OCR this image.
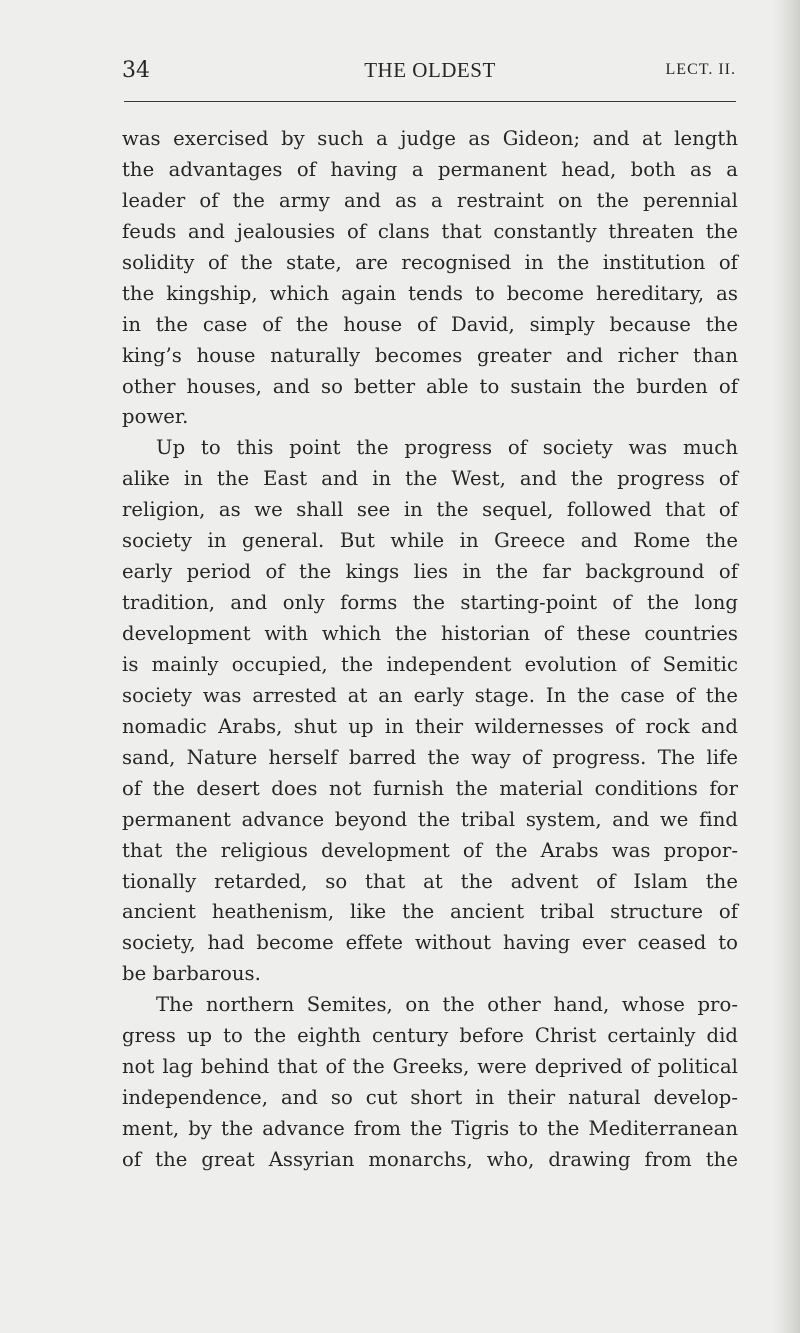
34	THE OLDEST	LECT. II.
was exercised by such a judge as Gideon; and at length
the advantages of having a permanent head, both as a
leader of the army and as a restraint on the perennial
feuds and jealousies of clans that constantly threaten the
solidity of the state, are recognised in the institution of
the kingship, which again tends to become hereditary, as
in the case of the house of David, simply because the
king’s house naturally becomes greater and richer than
other houses, and so better able to sustain the burden of
power.
Up to this point the progress of society was much
alike in the East and in the West, and the progress of
religion, as we shall see in the sequel, followed that of
society in general. But while in Greece and Rome the
early period of the kings lies in the far background of
tradition, and only forms the starting-point of the long
development with which the historian of these countries
is mainly occupied, the independent evolution of Semitic
society was arrested at an early stage. In the case of the
nomadic Arabs, shut up in their wildernesses of rock and
sand, Nature herself barred the way of progress. The life
of the desert does not furnish the material conditions for
permanent advance beyond the tribal system, and we find
that the religious development of the Arabs was propor-
tionally retarded, so that at the advent of Islam the
ancient heathenism, like the ancient tribal structure of
society, had become effete without having ever ceased to
be barbarous.
The northern Semites, on the other hand, whose pro-
gress up to the eighth century before Christ certainly did
not lag behind that of the Greeks, were deprived of political
independence, and so cut short in their natural develop-
ment, by the advance from the Tigris to the Mediterranean
of the great Assyrian monarchs, who, drawing from the
